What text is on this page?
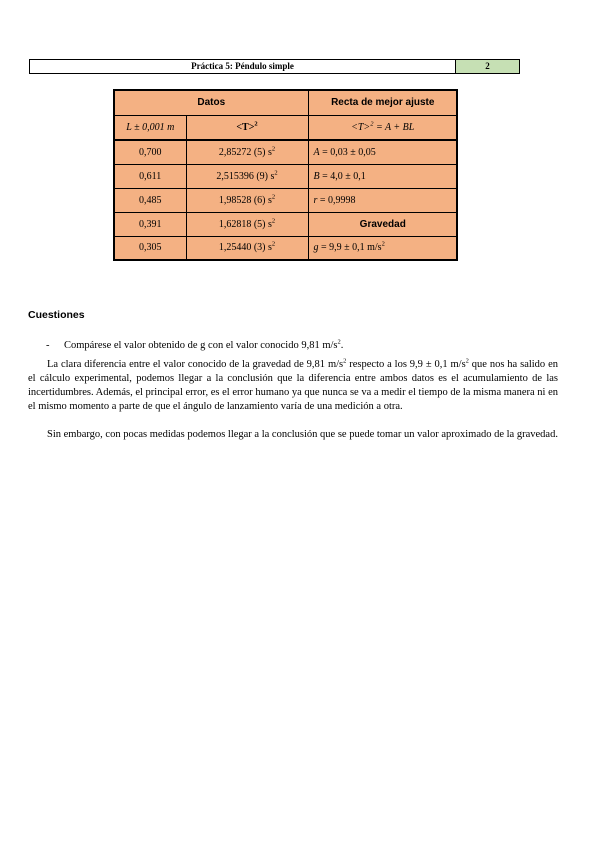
Práctica 5: Péndulo simple	2
Datos		Recta de mejor ajuste
L ± 0,001 m	<T>$^2$	<T>$^2$ = A + BL
0,700	2,85272 (5) $s^2$	A = 0,03 ± 0,05
0,611	2,515396 (9) $s^2$	B = 4,0 ± 0,1
0,485	1,98528 (6) $s^2$	r = 0,9998
0,391	1,62818 (5) $s^2$	Gravedad
0,305	1,25440 (3) $s^2$	g = 9,9 ± 0,1 $m/s^2$
Cuestiones
- Compárese el valor obtenido de g con el valor conocido 9,81 $m/s^2$.
La clara diferencia entre el valor conocido de la gravedad de 9,81 $m/s^2$ respecto a los 9,9 ± 0,1 $m/s^2$ que nos ha salido en el cálculo experimental, podemos llegar a la conclusión que la diferencia entre ambos datos es el acumulamiento de las incertidumbres. Además, el principal error, es el error humano ya que nunca se va a medir el tiempo de la misma manera ni en el mismo momento a parte de que el ángulo de lanzamiento varía de una medición a otra.
Sin embargo, con pocas medidas podemos llegar a la conclusión que se puede tomar un valor aproximado de la gravedad.
